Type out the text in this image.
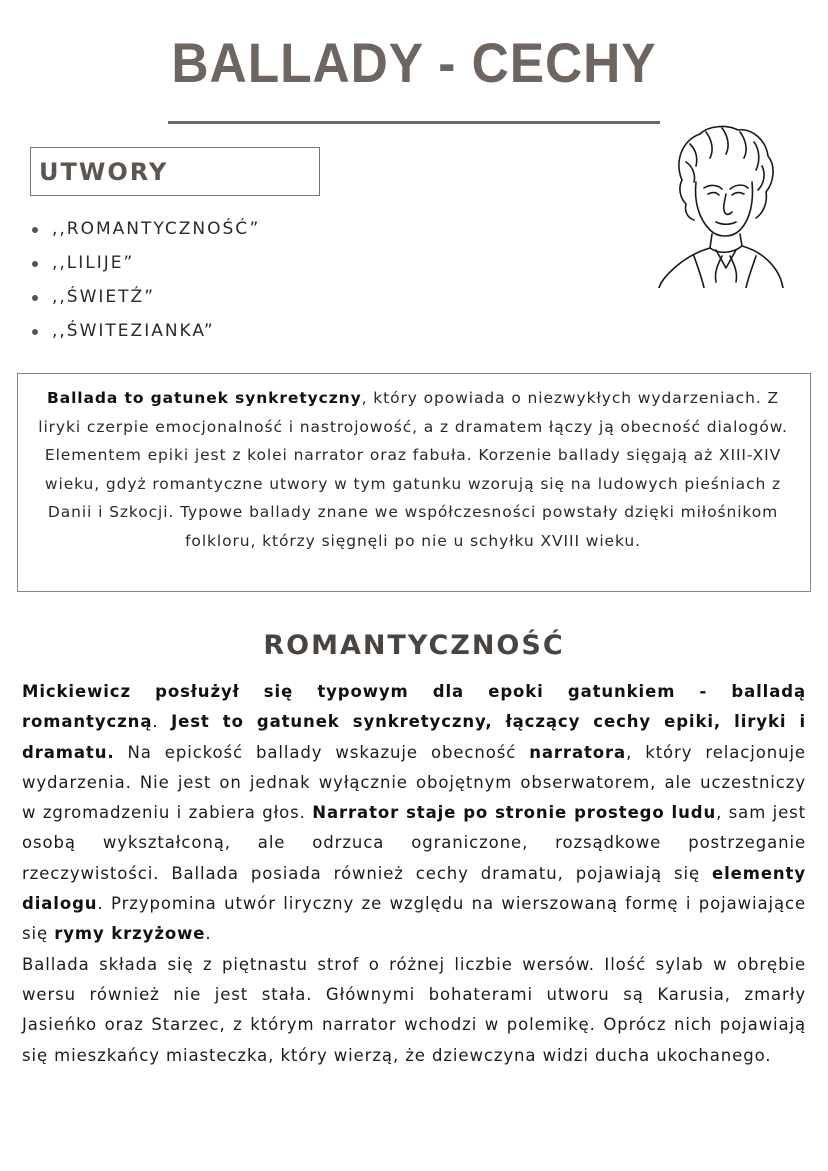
BALLADY - CECHY
UTWORY
,,ROMANTYCZNOŚĆ”
,,LILIJE”
,,ŚWIETŹ”
,,ŚWITEZIANKA”

Ballada to gatunek synkretyczny, który opowiada o niezwykłych wydarzeniach. Z liryki czerpie emocjonalność i nastrojowość, a z dramatem łączy ją obecność dialogów. Elementem epiki jest z kolei narrator oraz fabuła. Korzenie ballady sięgają aż XIII-XIV wieku, gdyż romantyczne utwory w tym gatunku wzorują się na ludowych pieśniach z Danii i Szkocji. Typowe ballady znane we współczesności powstały dzięki miłośnikom folkloru, którzy sięgnęli po nie u schyłku XVIII wieku.

ROMANTYCZNOŚĆ
Mickiewicz posłużył się typowym dla epoki gatunkiem - balladą romantyczną. Jest to gatunek synkretyczny, łączący cechy epiki, liryki i dramatu. Na epickość ballady wskazuje obecność narratora, który relacjonuje wydarzenia. Nie jest on jednak wyłącznie obojętnym obserwatorem, ale uczestniczy w zgromadzeniu i zabiera głos. Narrator staje po stronie prostego ludu, sam jest osobą wykształconą, ale odrzuca ograniczone, rozsądkowe postrzeganie rzeczywistości. Ballada posiada również cechy dramatu, pojawiają się elementy dialogu. Przypomina utwór liryczny ze względu na wierszowaną formę i pojawiające się rymy krzyżowe.
Ballada składa się z piętnastu strof o różnej liczbie wersów. Ilość sylab w obrębie wersu również nie jest stała. Głównymi bohaterami utworu są Karusia, zmarły Jasieńko oraz Starzec, z którym narrator wchodzi w polemikę. Oprócz nich pojawiają się mieszkańcy miasteczka, który wierzą, że dziewczyna widzi ducha ukochanego.
